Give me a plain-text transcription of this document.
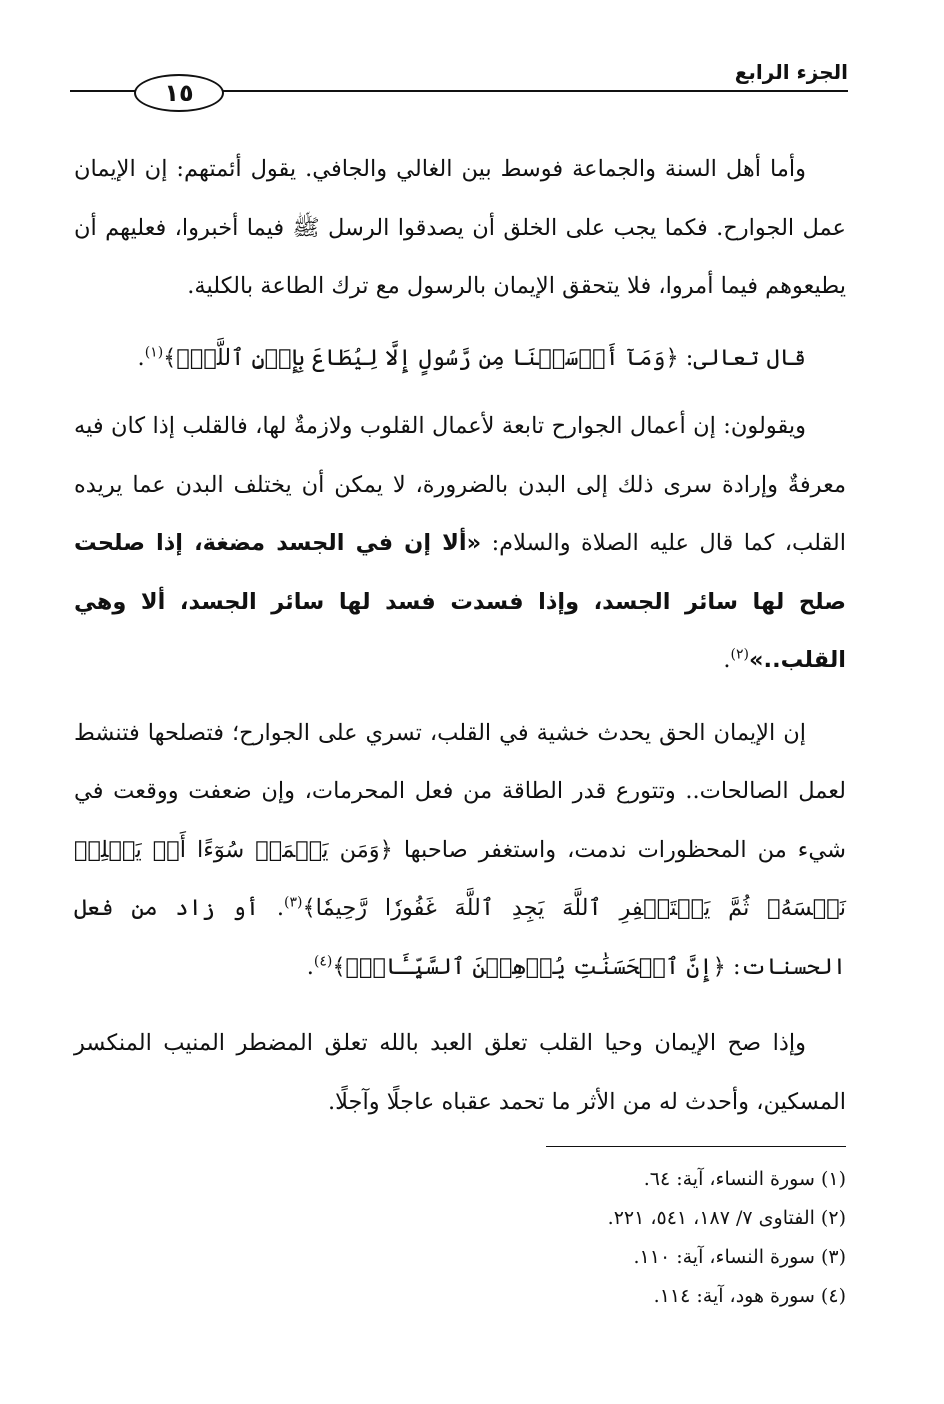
١٥
الجزء الرابع

وأما أهل السنة والجماعة فوسط بين الغالي والجافي. يقول أئمتهم: إن الإيمان عمل الجوارح. فكما يجب على الخلق أن يصدقوا الرسل ﷺ فيما أخبروا، فعليهم أن يطيعوهم فيما أمروا، فلا يتحقق الإيمان بالرسول مع ترك الطاعة بالكلية.

قال تعالى: ﴿وَمَآ أَرۡسَلۡنَا مِن رَّسُولٍ إِلَّا لِيُطَاعَ بِإِذۡنِ ٱللَّهِۚ﴾$^{(١)}$.

ويقولون: إن أعمال الجوارح تابعة لأعمال القلوب ولازمةٌ لها، فالقلب إذا كان فيه معرفةٌ وإرادة سرى ذلك إلى البدن بالضرورة، لا يمكن أن يختلف البدن عما يريده القلب، كما قال عليه الصلاة والسلام: «ألا إن في الجسد مضغة، إذا صلحت صلح لها سائر الجسد، وإذا فسدت فسد لها سائر الجسد، ألا وهي القلب..»$^{(٢)}$.

إن الإيمان الحق يحدث خشية في القلب، تسري على الجوارح؛ فتصلحها فتنشط لعمل الصالحات.. وتتورع قدر الطاقة من فعل المحرمات، وإن ضعفت ووقعت في شيء من المحظورات ندمت، واستغفر صاحبها ﴿وَمَن يَعۡمَلۡ سُوٓءًا أَوۡ يَظۡلِمۡ نَفۡسَهُۥ ثُمَّ يَسۡتَغۡفِرِ ٱللَّهَ يَجِدِ ٱللَّهَ غَفُورٗا رَّحِيمٗا﴾$^{(٣)}$. أو زاد من فعل الحسنات: ﴿إِنَّ ٱلۡحَسَنَٰتِ يُذۡهِبۡنَ ٱلسَّيِّـَٔاتِۚ﴾$^{(٤)}$.

وإذا صح الإيمان وحيا القلب تعلق العبد بالله تعلق المضطر المنيب المنكسر المسكين، وأحدث له من الأثر ما تحمد عقباه عاجلًا وآجلًا.

(١) سورة النساء، آية: ٦٤.

(٢) الفتاوى ٧/ ١٨٧، ٥٤١، ٢٢١.

(٣) سورة النساء، آية: ١١٠.

(٤) سورة هود، آية: ١١٤.
